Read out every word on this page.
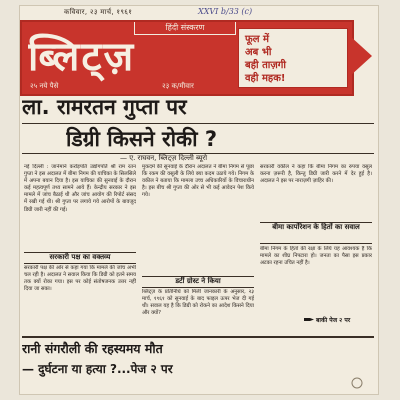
कविवार, २३ मार्च, १९६१	XXVI b/33 (c)
हिंदी संस्करण
ब्लिट्ज़
२५ नये पैसे	२३ क/मीवार
फूल में
अब भी
बही ताज़गी
वही महक!
ला. रामरतन गुप्ता पर
डिग्री किसने रोकी ?
— ए. राघवन, ब्लिट्ज़ दिल्ली ब्यूरो
नई दिल्ली : जानेमाने करोड़पति उद्योगपति श्री राम रतन गुप्ता ने इस अदालत में बीमा निगम की याचिका के सिलसिले में अपना बयान दिया है। इस याचिका की सुनवाई के दौरान कई महत्वपूर्ण तथ्य सामने आये हैं। केन्द्रीय सरकार ने इस मामले में जांच बैठाई थी और जांच आयोग की रिपोर्ट संसद में रखी गई थी। श्री गुप्ता पर लगाये गये आरोपों के बावजूद डिग्री जारी नहीं की गई।
सरकारी पक्ष का वक्तव्य
सरकारी पक्ष की ओर से कहा गया कि मामले की जांच अभी चल रही है। अदालत ने सवाल किया कि डिग्री को इतने समय तक क्यों रोका गया। इस पर कोई संतोषजनक उत्तर नहीं दिया जा सका।
मुकदमे की सुनवाई के दौरान अदालत ने बीमा निगम से पूछा कि रकम की वसूली के लिये क्या कदम उठाये गये। निगम के वकील ने बताया कि मामला उच्च अधिकारियों के विचाराधीन है। इस बीच श्री गुप्ता की ओर से भी कई आवेदन पेश किये गये।
डर्टी ग्रोस्ट ने किया
ब्लिट्ज़ के प्रतिनिधि को मिली जानकारी के अनुसार, २३ मार्च, १९६१ को सुनवाई के बाद फाइल ऊपर भेज दी गई थी। सवाल यह है कि डिग्री को रोकने का आदेश किसने दिया और क्यों?
सरकारी वकील ने कहा कि बीमा निगम का रुपया वसूल करना ज़रूरी है, किन्तु डिग्री जारी करने में देर हुई है। अदालत ने इस पर नाराज़गी ज़ाहिर की।
बीमा कार्पोरेशन के हितों का सवाल
बीमा निगम के हितों की रक्षा के लिये यह आवश्यक है कि मामले का शीघ्र निपटारा हो। जनता का पैसा इस प्रकार अटका रहना उचित नहीं है।
बाकी पेज २ पर
रानी संगरौली की रहस्यमय मौत
— दुर्घटना या हत्या ?...पेज २ पर
